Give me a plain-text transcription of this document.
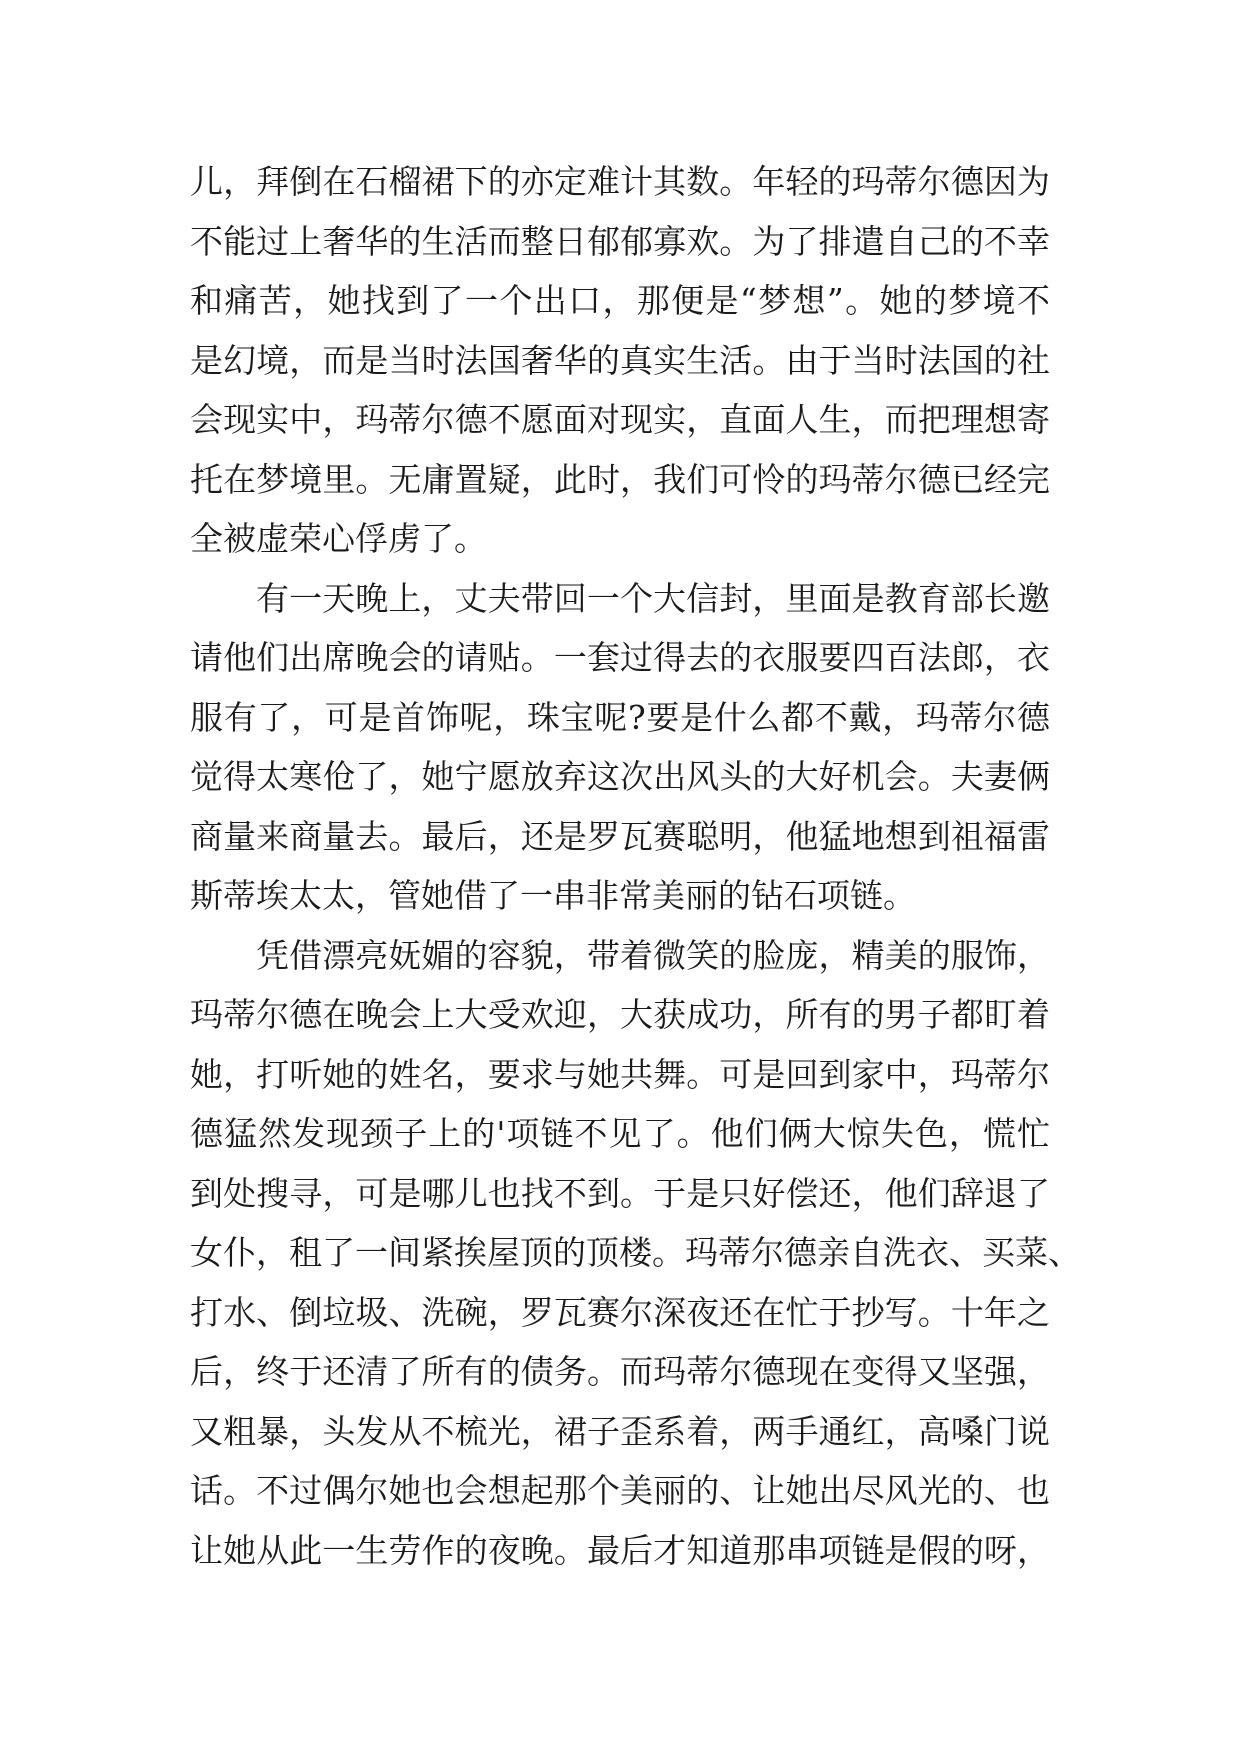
儿，拜倒在石榴裙下的亦定难计其数。年轻的玛蒂尔德因为
不能过上奢华的生活而整日郁郁寡欢。为了排遣自己的不幸
和痛苦，她找到了一个出口，那便是“梦想”。她的梦境不
是幻境，而是当时法国奢华的真实生活。由于当时法国的社
会现实中，玛蒂尔德不愿面对现实，直面人生，而把理想寄
托在梦境里。无庸置疑，此时，我们可怜的玛蒂尔德已经完
全被虚荣心俘虏了。
有一天晚上，丈夫带回一个大信封，里面是教育部长邀
请他们出席晚会的请贴。一套过得去的衣服要四百法郎，衣
服有了，可是首饰呢，珠宝呢?要是什么都不戴，玛蒂尔德
觉得太寒伧了，她宁愿放弃这次出风头的大好机会。夫妻俩
商量来商量去。最后，还是罗瓦赛聪明，他猛地想到祖福雷
斯蒂埃太太，管她借了一串非常美丽的钻石项链。
凭借漂亮妩媚的容貌，带着微笑的脸庞，精美的服饰，
玛蒂尔德在晚会上大受欢迎，大获成功，所有的男子都盯着
她，打听她的姓名，要求与她共舞。可是回到家中，玛蒂尔
德猛然发现颈子上的'项链不见了。他们俩大惊失色，慌忙
到处搜寻，可是哪儿也找不到。于是只好偿还，他们辞退了
女仆，租了一间紧挨屋顶的顶楼。玛蒂尔德亲自洗衣、买菜、
打水、倒垃圾、洗碗，罗瓦赛尔深夜还在忙于抄写。十年之
后，终于还清了所有的债务。而玛蒂尔德现在变得又坚强，
又粗暴，头发从不梳光，裙子歪系着，两手通红，高嗓门说
话。不过偶尔她也会想起那个美丽的、让她出尽风光的、也
让她从此一生劳作的夜晚。最后才知道那串项链是假的呀，
